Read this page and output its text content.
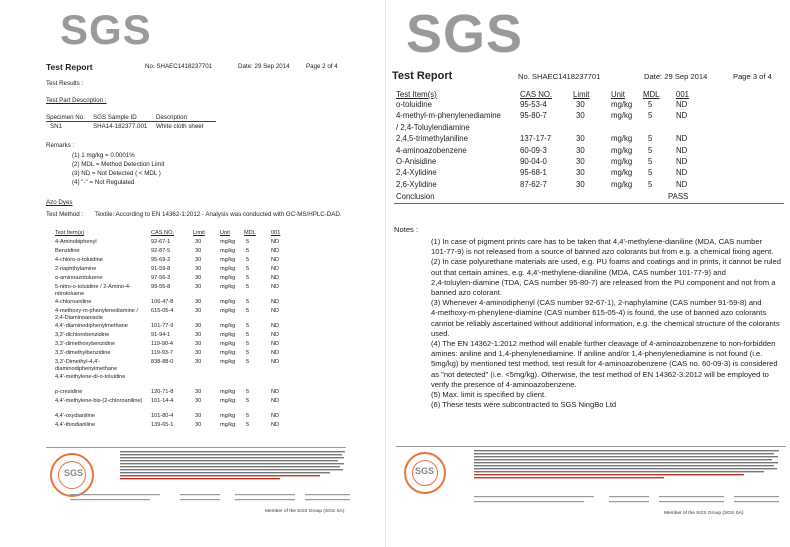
SGS
Test Report	No. SHAEC1418237701	Date: 29 Sep 2014	Page 2 of 4
Test Results :
Test Part Description :
Specimen No. SGS Sample ID	Description
SN1	SHA14-182377.001 White cloth sheet
Remarks :
(1) 1 mg/kg = 0.0001%
(2) MDL = Method Detection Limit
(3) ND = Not Detected ( < MDL )
(4) "-" = Not Regulated
Azo Dyes
Test Method : Textile: According to EN 14362-1:2012 - Analysis was conducted with GC-MS/HPLC-DAD.
Test Item(s)	CAS NO.	Limit	Unit	MDL	001
4-Aminobiphenyl	92-67-1	30	mg/kg 5	ND
Benzidine	92-87-5	30	mg/kg 5	ND
4-chloro-o-toluidine	95-69-2	30	mg/kg 5	ND
2-naphthylamine	91-59-8	30	mg/kg 5	ND
o-aminoazotoluene	97-56-3	30	mg/kg 5	ND
5-nitro-o-toluidine / 2-Amino-4-nitrotoluene
99-55-8	30	mg/kg 5	ND
4-chloroaniline	106-47-8	30	mg/kg 5	ND
4-methoxy-m-phenylenediamine / 2,4-Diaminoanisole
615-05-4	30	mg/kg 5	ND
4,4'-diaminodiphenylmethane	101-77-9	30	mg/kg 5	ND
3,3'-dichlorobenzidine	91-94-1	30	mg/kg 5	ND
3,3'-dimethoxybenzidine	119-90-4	30	mg/kg 5	ND
3,3'-dimethylbenzidine	119-93-7	30	mg/kg 5	ND
3,3'-Dimethyl-4,4'-diaminodiphenylmethane
838-88-0	30	mg/kg 5	ND
4,4'-methylene-di-o-toluidine
p-cresidine	120-71-8	30	mg/kg 5	ND
4,4'-methylene-bis-(2-chloroaniline)	101-14-4	30	mg/kg 5	ND
4,4'-oxydianiline	101-80-4	30	mg/kg 5	ND
4,4'-thiodianiline	139-65-1	30	mg/kg 5	ND
SGS
Member of the SGS Group (SGS SA)
SGS
Test Report	No. SHAEC1418237701	Date: 29 Sep 2014	Page 3 of 4
Test Item(s)	CAS NO.	Limit	Unit MDL 001
o-toluidine	95-53-4	30	mg/kg 5	ND
4-methyl-m-phenylenediamine 95-80-7	30	mg/kg 5	ND
/ 2,4-Toluylendiamine
2,4,5-trimethylaniline	137-17-7	30	mg/kg 5	ND
4-aminoazobenzene	60-09-3	30	mg/kg 5	ND
O-Anisidine	90-04-0	30	mg/kg 5	ND
2,4-Xylidine	95-68-1	30	mg/kg 5	ND
2,6-Xylidine	87-62-7	30	mg/kg 5	ND
Conclusion	PASS
Notes :
(1) In case of pigment prints care has to be taken that 4,4'-methylene-dianiline (MDA, CAS number
101-77-9) is not released from a source of banned azo colorants but from e.g. a chemical fixing agent.
(2) In case polyurethane materials are used, e.g. PU foams and coatings and in prints, it cannot be ruled
out that certain amines, e.g. 4,4'-methylene-dianiline (MDA, CAS number 101-77-9) and
2,4-toluylen-diamine (TDA, CAS number 95-80-7) are released from the PU component and not from a
banned azo colorant.
(3) Whenever 4-aminodiphenyl (CAS number 92-67-1), 2-naphylamine (CAS number 91-59-8) and
4-methoxy-m-phenylene-diamine (CAS number 615-05-4) is found, the use of banned azo colorants
cannot be reliably ascertained without additional information, e.g. the chemical structure of the colorants
used.
(4) The EN 14362-1:2012 method will enable further cleavage of 4-aminoazobenzene to non-forbidden
amines: aniline and 1,4-phenylenediamine. If aniline and/or 1,4-phenylenediamine is not found (i.e.
5mg/kg) by mentioned test method, test result for 4-aminoazobenzene (CAS no. 60-09-3) is considered
as "not detected" (i.e. <5mg/kg). Otherwise, the test method of EN 14362-3:2012 will be employed to
verify the presence of 4-aminoazobenzene.
(5) Max. limit is specified by client.
(6) These tests were subcontracted to SGS NingBo Ltd
SGS
Member of the SGS Group (SGS SA)
